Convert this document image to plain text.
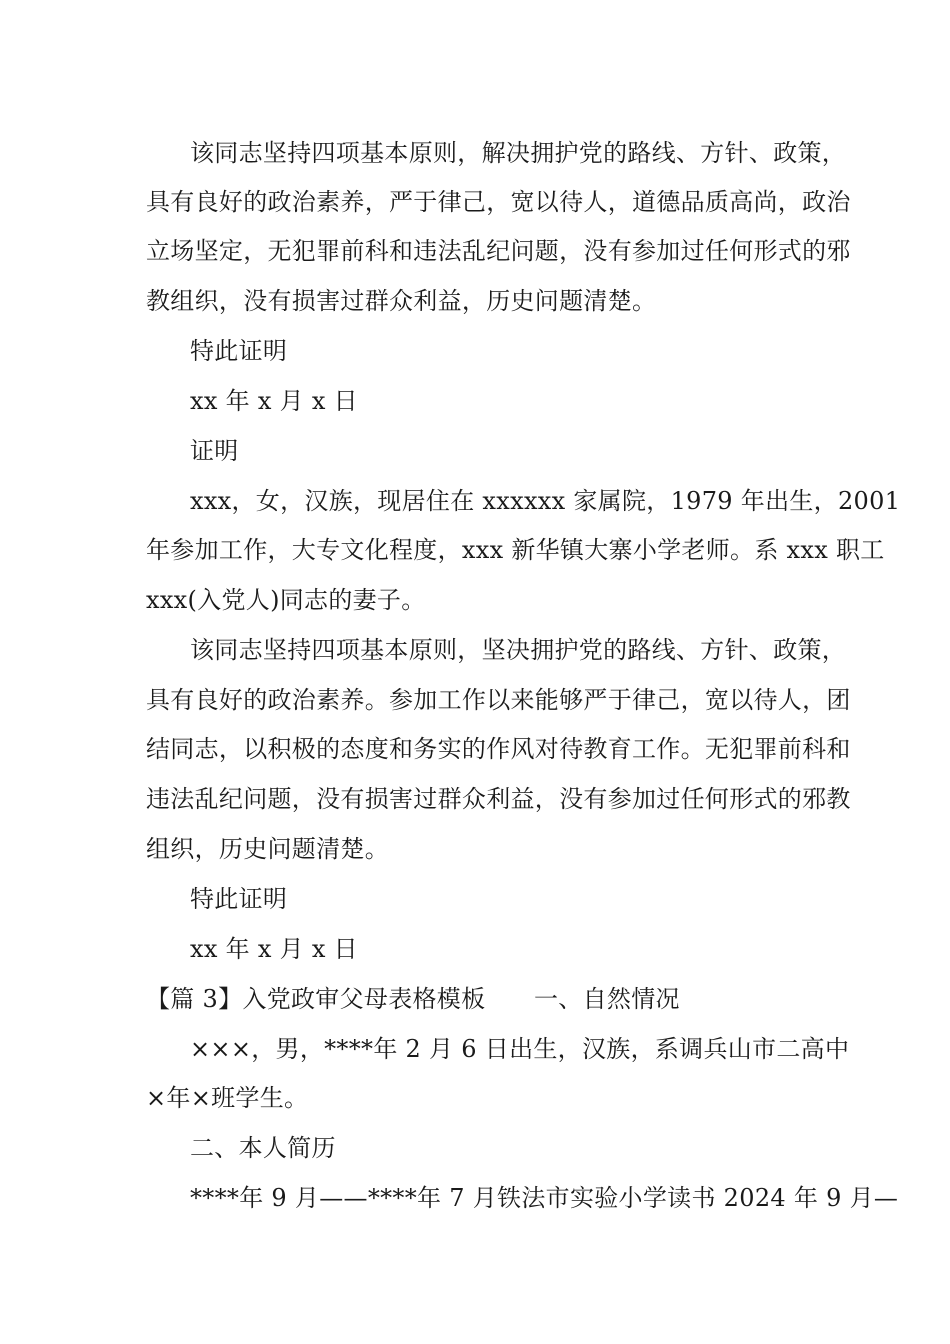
该同志坚持四项基本原则，解决拥护党的路线、方针、政策，
具有良好的政治素养，严于律己，宽以待人，道德品质高尚，政治
立场坚定，无犯罪前科和违法乱纪问题，没有参加过任何形式的邪
教组织，没有损害过群众利益，历史问题清楚。
特此证明
xx 年 x 月 x 日
证明
xxx，女，汉族，现居住在 xxxxxx 家属院，1979 年出生，2001
年参加工作，大专文化程度，xxx 新华镇大寨小学老师。系 xxx 职工
xxx(入党人)同志的妻子。
该同志坚持四项基本原则，坚决拥护党的路线、方针、政策，
具有良好的政治素养。参加工作以来能够严于律己，宽以待人，团
结同志，以积极的态度和务实的作风对待教育工作。无犯罪前科和
违法乱纪问题，没有损害过群众利益，没有参加过任何形式的邪教
组织，历史问题清楚。
特此证明
xx 年 x 月 x 日
【篇 3】入党政审父母表格模板　　一、自然情况
×××，男，****年 2 月 6 日出生，汉族，系调兵山市二高中
×年×班学生。
二、本人简历
****年 9 月——****年 7 月铁法市实验小学读书 2024 年 9 月—
